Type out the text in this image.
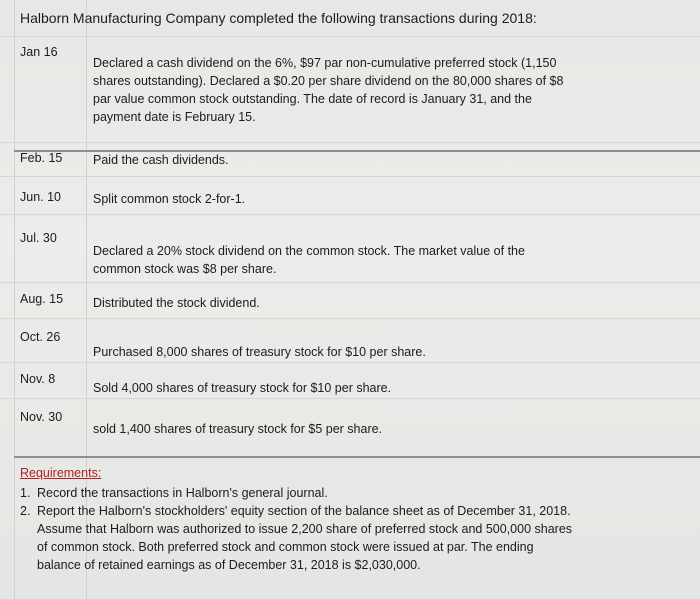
Halborn Manufacturing Company completed the following transactions during 2018:
Jan 16
Declared a cash dividend on the 6%, $97 par non-cumulative preferred stock (1,150 shares outstanding). Declared a $0.20 per share dividend on the 80,000 shares of $8 par value common stock outstanding. The date of record is January 31, and the payment date is February 15.
Feb. 15 Paid the cash dividends.
Jun. 10	Split common stock 2-for-1.
Jul. 30
Declared a 20% stock dividend on the common stock. The market value of the common stock was $8 per share.
Aug. 15 Distributed the stock dividend.
Oct. 26
Purchased 8,000 shares of treasury stock for $10 per share.
Nov. 8
Sold 4,000 shares of treasury stock for $10 per share.
Nov. 30
sold 1,400 shares of treasury stock for $5 per share.
Requirements:
1. Record the transactions in Halborn's general journal.
2. Report the Halborn's stockholders' equity section of the balance sheet as of December 31, 2018. Assume that Halborn was authorized to issue 2,200 share of preferred stock and 500,000 shares of common stock. Both preferred stock and common stock were issued at par. The ending balance of retained earnings as of December 31, 2018 is $2,030,000.
